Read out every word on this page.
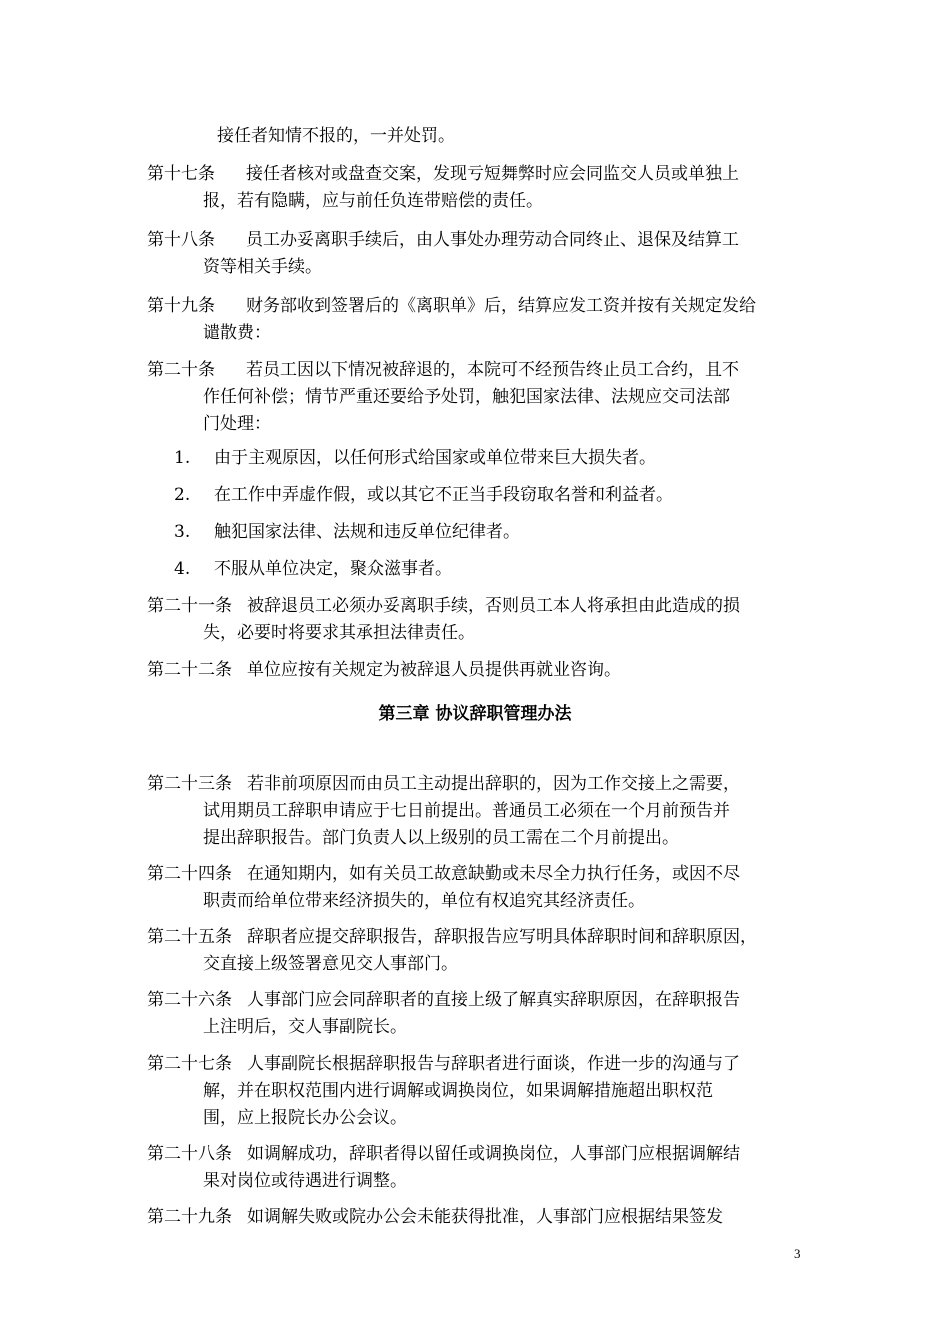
接任者知情不报的，一并处罚。
第十七条 接任者核对或盘查交案，发现亏短舞弊时应会同监交人员或单独上
报，若有隐瞒，应与前任负连带赔偿的责任。
第十八条 员工办妥离职手续后，由人事处办理劳动合同终止、退保及结算工
资等相关手续。
第十九条 财务部收到签署后的《离职单》后，结算应发工资并按有关规定发给
谴散费：
第二十条 若员工因以下情况被辞退的，本院可不经预告终止员工合约，且不
作任何补偿；情节严重还要给予处罚，触犯国家法律、法规应交司法部
门处理：
1. 由于主观原因，以任何形式给国家或单位带来巨大损失者。
2. 在工作中弄虚作假，或以其它不正当手段窃取名誉和利益者。
3. 触犯国家法律、法规和违反单位纪律者。
4. 不服从单位决定，聚众滋事者。
第二十一条 被辞退员工必须办妥离职手续，否则员工本人将承担由此造成的损
失，必要时将要求其承担法律责任。
第二十二条 单位应按有关规定为被辞退人员提供再就业咨询。
第三章 协议辞职管理办法
第二十三条 若非前项原因而由员工主动提出辞职的，因为工作交接上之需要，
试用期员工辞职申请应于七日前提出。普通员工必须在一个月前预告并
提出辞职报告。部门负责人以上级别的员工需在二个月前提出。
第二十四条 在通知期内，如有关员工故意缺勤或未尽全力执行任务，或因不尽
职责而给单位带来经济损失的，单位有权追究其经济责任。
第二十五条 辞职者应提交辞职报告，辞职报告应写明具体辞职时间和辞职原因，
交直接上级签署意见交人事部门。
第二十六条 人事部门应会同辞职者的直接上级了解真实辞职原因，在辞职报告
上注明后，交人事副院长。
第二十七条 人事副院长根据辞职报告与辞职者进行面谈，作进一步的沟通与了
解，并在职权范围内进行调解或调换岗位，如果调解措施超出职权范
围，应上报院长办公会议。
第二十八条 如调解成功，辞职者得以留任或调换岗位，人事部门应根据调解结
果对岗位或待遇进行调整。
第二十九条 如调解失败或院办公会未能获得批准，人事部门应根据结果签发
3
